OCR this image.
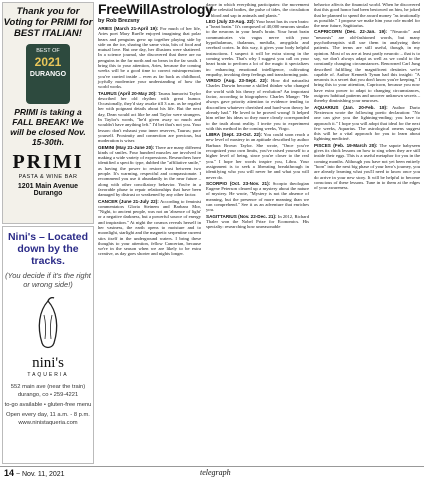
Thank you for Voting for PRIMI for BEST ITALIAN!
BEST OF
2021
DURANGO
PRIMI is taking a FALL BREAK! We will be closed Nov. 15-30th.
PRIMI
PASTA & WINE BAR
1201 Main Avenue Durango
Nini's – Located down by the tracks.
(You decide if it's the right or wrong side!)
nini's
TAQUERIA
552 main ave (near the train) durango, co • 259-4221
to-go available • gluten-free menu
Open every day, 11 a.m. - 8 p.m. www.ninistaqueria.com
FreeWillAstrology
by Rob Brezsny

ARIES (March 21-April 19): For much of her life, Aries poet Mary Ruefle enjoyed imagining that polar bears and penguins grew up together playing side by side on the ice, sharing the same vista, bits of food and mutual love. But one day, her illusions were shattered. In a science journal, she discovered that there are no penguins in the far north and no bears in the far south. I bring this to your attention, Aries, because the coming weeks will be a good time to correct misimpressions you've carried inside – even as far back as childhood, joyfully modernize your understanding of how the world works.

TAURUS (April 20-May 20): Taurus humorist Taylor described her old rhythm with great humor. Occasionally, they'd stay awake till 3 a.m. as he regaled her with poignant details about his life. But the next day, Dean would act like he and Taylor were strangers. In Taylor's words, "he'd given away so much and wouldn't have anything left." I'd bet that's not you. Your lesson: don't exhaust your inner reserves, Taurus; pace yourself. Proximity and connection are precious, but moderation is wiser.

GEMINI (May 21-June 20): There are many different kinds of smiles. Four hundred muscles are involved in making a wide variety of expressions. Researchers have identified a specific type, dubbed the "affiliative smile," as having the power to restore trust between two people. It's warming, respectful and compassionate. I recommend you use it abundantly in the near future – along with other conciliatory behavior. You're in a favorable phase to repair relationships that have been damaged by distrust or weakened by any other factor.

CANCER (June 21-July 22): According to feminist commentators Gloria Steinem and Barbara Mor, "Night, to ancient people, was not an 'absence of light' or a negative darkness, but a powerful source of energy and inspiration." At night the cosmos reveals herself in her vastness, the earth opens to moisture and to moonlight, starlight and the magnetic serpentine current stirs itself in the underground waters. I bring these thoughts to your attention, fellow Cancerian, because we're in the season when we are likely to be extra creative, as day goes shorter and nights longer.

dance in which everything participates: the movement of the celestial bodies, the pulse of tides, the circulation of blood and sap in animals and plants."

LEO (July 23-Aug. 22): Your heart has its own brain: a "heart brain." It's composed of 40,000 neurons similar to the neurons in your head's brain. Your heart brain communicates via vagus nerve with your hypothalamus, thalamus, medulla, amygdala and cerebral cortex. In this way, it gives your body helpful instructions. I suspect it will be extra strong in the coming weeks. That's why I suggest you call on your heart brain to perform a lot of the magic it specializes in: enhancing emotional intelligence, cultivating empathy, invoking deep feelings and transforming pain.

VIRGO (Aug. 23-Sept. 22): How did naturalist Charles Darwin become a skilled thinker who changed the world with his theory of evolution? An important factor, according to biographers: Charles Mange: "He always gave priority attention to evidence tending to disconfirm whatever cherished and hard-won theory he already had." He loved to be proved wrong! It helped him refine his ideas so they more clearly corresponded to the truth about reality. I invite you to experiment with this method in the coming weeks, Virgo.

LIBRA (Sept. 23-Oct. 22): You could soon reach a new level of mastery in an aptitude described by author Barbara Brown Taylor. She wrote, "Once you've recognized your own limits, you've raised yourself to a higher level of being, since you're closer to the real you." I hope her words inspire you, Libra. Your assignment is to seek a liberating breakthrough in identifying who you will never be and what you will never do.

SCORPIO (Oct. 23-Nov. 21): Scorpio theologian Eugene Peterson cleared up a mystery about the nature of mystery. He wrote, "Mystery is not the absence of meaning, but the presence of more meaning than we can comprehend." See it as an adventure that enriches you.

SAGITTARIUS (Nov. 22-Dec. 21): In 2012, Richard Thaler won the Nobel Prize for Economics. His specialty: researching how unreasonable

behavior affects the financial world. When he discovered that this good honor had been bestowed on him, he joked that he planned to spend the award money "as irrationally as possible." I propose we make him your role model for the near future, Sagittarius.

CAPRICORN (Dec. 22-Jan. 19): "Neurotic" and "neurosis" are old-fashioned words, but many psychotherapists still use them in analyzing their patients. The terms are still useful, though, in my opinion. Most of us are at least partly neurotic – that is to say, we don't always adapt as well as we could to the constantly changing circumstances. Renowned Carl Jung described fulfilling the magnificent destinies we're capable of. Author Kenneth Tynan had this insight: "A neurosis is a secret that you don't know you're keeping." I bring this to your attention, Capricorn, because you now have extra power to adapt to changing circumstances, outgrow habitual patterns and uncover unknown secrets – thereby diminishing your neuroses.

AQUARIUS (Jan. 20-Feb. 18): Author Dario Nexterson wrote the following poetic declaration: "No one can give you the lightning-ending; you have to approach it." I hope you will adopt that ideal for the next few weeks, Aquarius. The astrological omens suggest this will be a vital approach for you to learn about lightning mediciné.

PISCES (Feb. 19-March 20): The sapote babyseen gives its chick lessons on how to sing when they are still inside their eggs. This is a useful metaphor for you in the coming months. Although you have not yet been entirely "born" into the next big phase of your hero's journey, you are already learning what you'll need to know once you do arrive in your new story. It will be helpful to become conscious of these lessons. Tune in to them at the edges of your awareness.

14 ~ Nov. 11, 2021	telegraph
